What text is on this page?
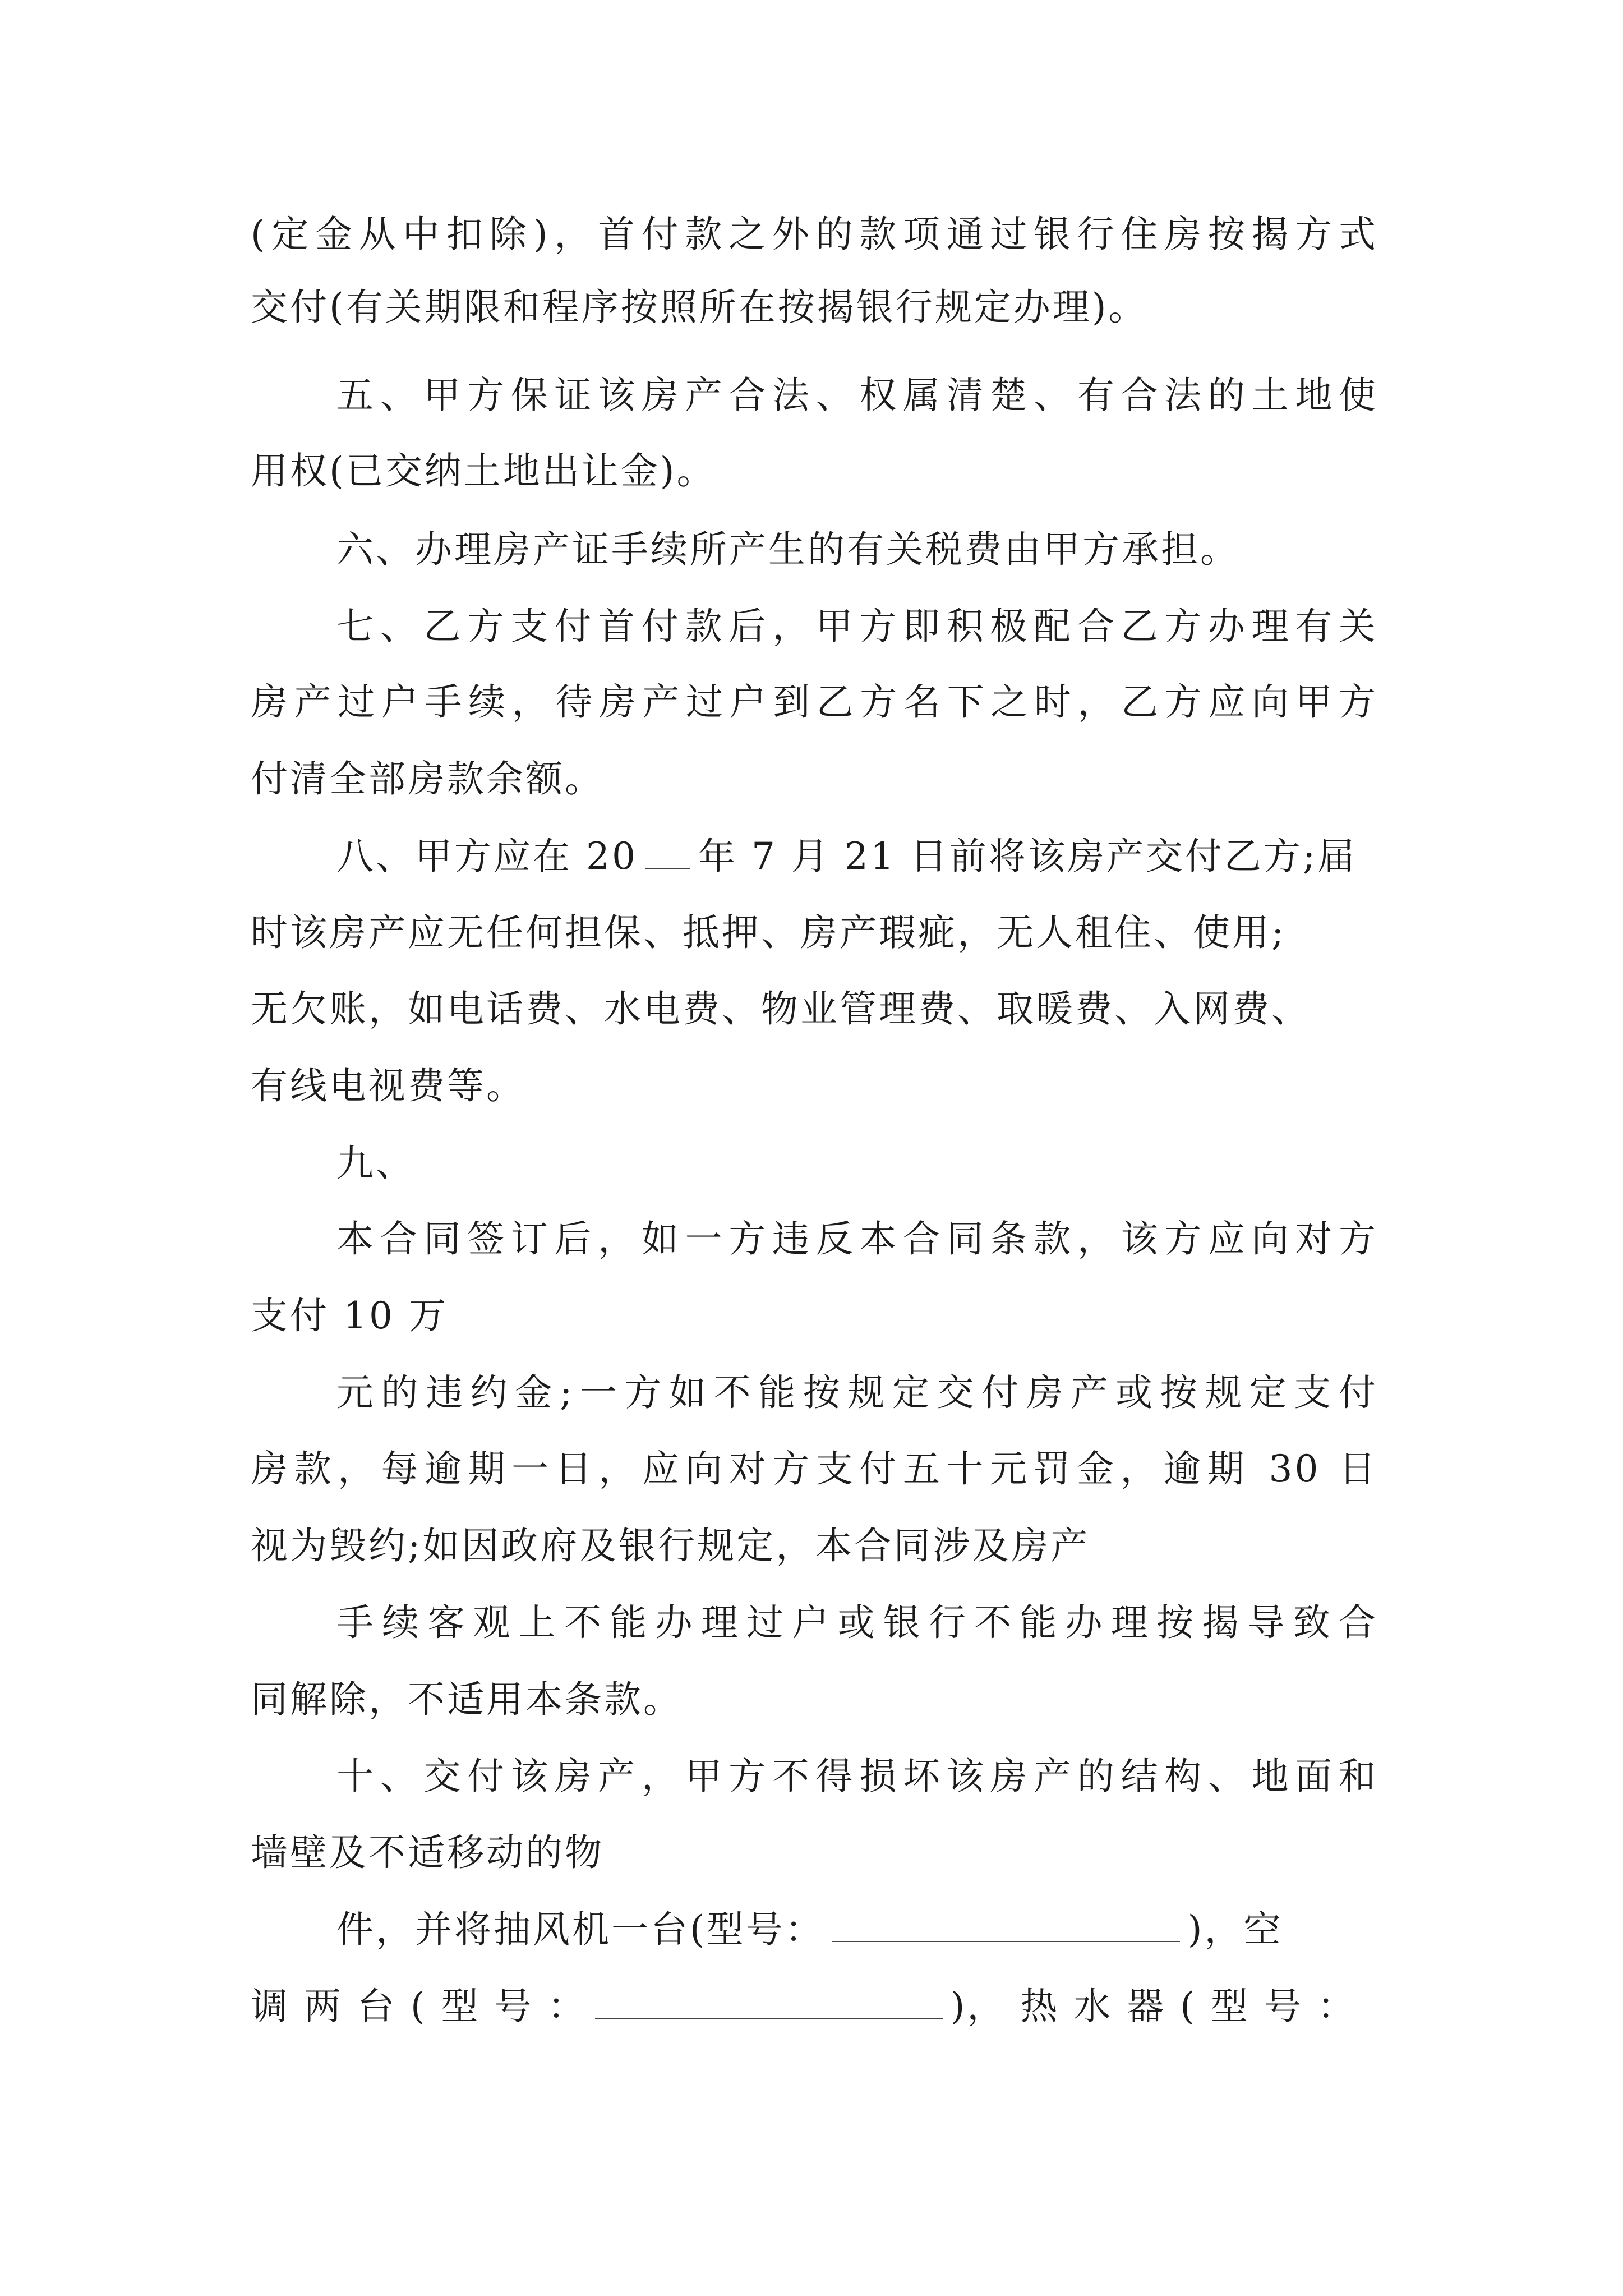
(定金从中扣除)，首付款之外的款项通过银行住房按揭方式
交付(有关期限和程序按照所在按揭银行规定办理)。
五、甲方保证该房产合法、权属清楚、有合法的土地使
用权(已交纳土地出让金)。
六、办理房产证手续所产生的有关税费由甲方承担。
七、乙方支付首付款后，甲方即积极配合乙方办理有关
房产过户手续，待房产过户到乙方名下之时，乙方应向甲方
付清全部房款余额。
八、甲方应在 20 年 7 月 21 日前将该房产交付乙方;届
时该房产应无任何担保、抵押、房产瑕疵，无人租住、使用;
无欠账，如电话费、水电费、物业管理费、取暖费、入网费、
有线电视费等。
九、
本合同签订后，如一方违反本合同条款，该方应向对方
支付 10 万
元的违约金;一方如不能按规定交付房产或按规定支付
房款，每逾期一日，应向对方支付五十元罚金，逾期 30 日
视为毁约;如因政府及银行规定，本合同涉及房产
手续客观上不能办理过户或银行不能办理按揭导致合
同解除，不适用本条款。
十、交付该房产，甲方不得损坏该房产的结构、地面和
墙壁及不适移动的物
件，并将抽风机一台(型号：	)，空
调 两 台 ( 型 号 ：	)， 热 水 器 ( 型 号 ：
